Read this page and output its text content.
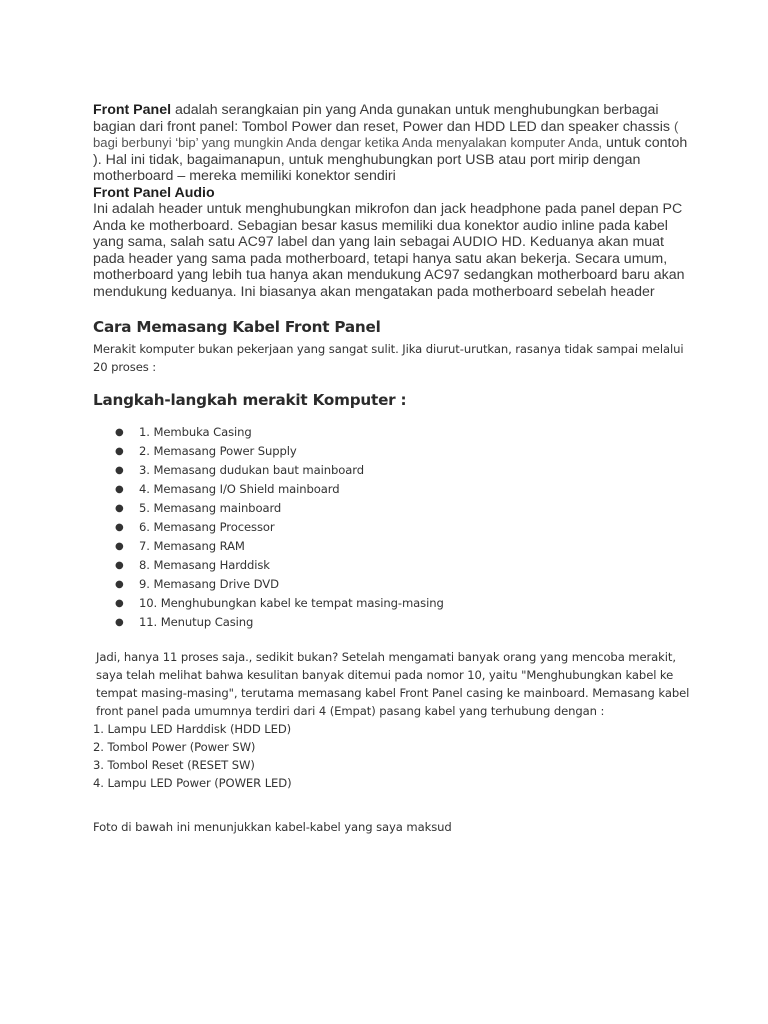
Front Panel adalah serangkaian pin yang Anda gunakan untuk menghubungkan berbagai bagian dari front panel: Tombol Power dan reset, Power dan HDD LED dan speaker chassis ( bagi berbunyi ‘bip’ yang mungkin Anda dengar ketika Anda menyalakan komputer Anda, untuk contoh ). Hal ini tidak, bagaimanapun, untuk menghubungkan port USB atau port mirip dengan motherboard – mereka memiliki konektor sendiri

Front Panel Audio

Ini adalah header untuk menghubungkan mikrofon dan jack headphone pada panel depan PC Anda ke motherboard. Sebagian besar kasus memiliki dua konektor audio inline pada kabel yang sama, salah satu AC97 label dan yang lain sebagai AUDIO HD. Keduanya akan muat pada header yang sama pada motherboard, tetapi hanya satu akan bekerja. Secara umum, motherboard yang lebih tua hanya akan mendukung AC97 sedangkan motherboard baru akan mendukung keduanya. Ini biasanya akan mengatakan pada motherboard sebelah header

Cara Memasang Kabel Front Panel

Merakit komputer bukan pekerjaan yang sangat sulit. Jika diurut-urutkan, rasanya tidak sampai melalui 20 proses :

Langkah-langkah merakit Komputer :
● 1. Membuka Casing
● 2. Memasang Power Supply
● 3. Memasang dudukan baut mainboard
● 4. Memasang I/O Shield mainboard
● 5. Memasang mainboard
● 6. Memasang Processor
● 7. Memasang RAM
● 8. Memasang Harddisk
● 9. Memasang Drive DVD
● 10. Menghubungkan kabel ke tempat masing-masing
● 11. Menutup Casing
Jadi, hanya 11 proses saja., sedikit bukan? Setelah mengamati banyak orang yang mencoba merakit, saya telah melihat bahwa kesulitan banyak ditemui pada nomor 10, yaitu "Menghubungkan kabel ke tempat masing-masing", terutama memasang kabel Front Panel casing ke mainboard. Memasang kabel front panel pada umumnya terdiri dari 4 (Empat) pasang kabel yang terhubung dengan :
1. Lampu LED Harddisk (HDD LED)
2. Tombol Power (Power SW)
3. Tombol Reset (RESET SW)
4. Lampu LED Power (POWER LED)

Foto di bawah ini menunjukkan kabel-kabel yang saya maksud
